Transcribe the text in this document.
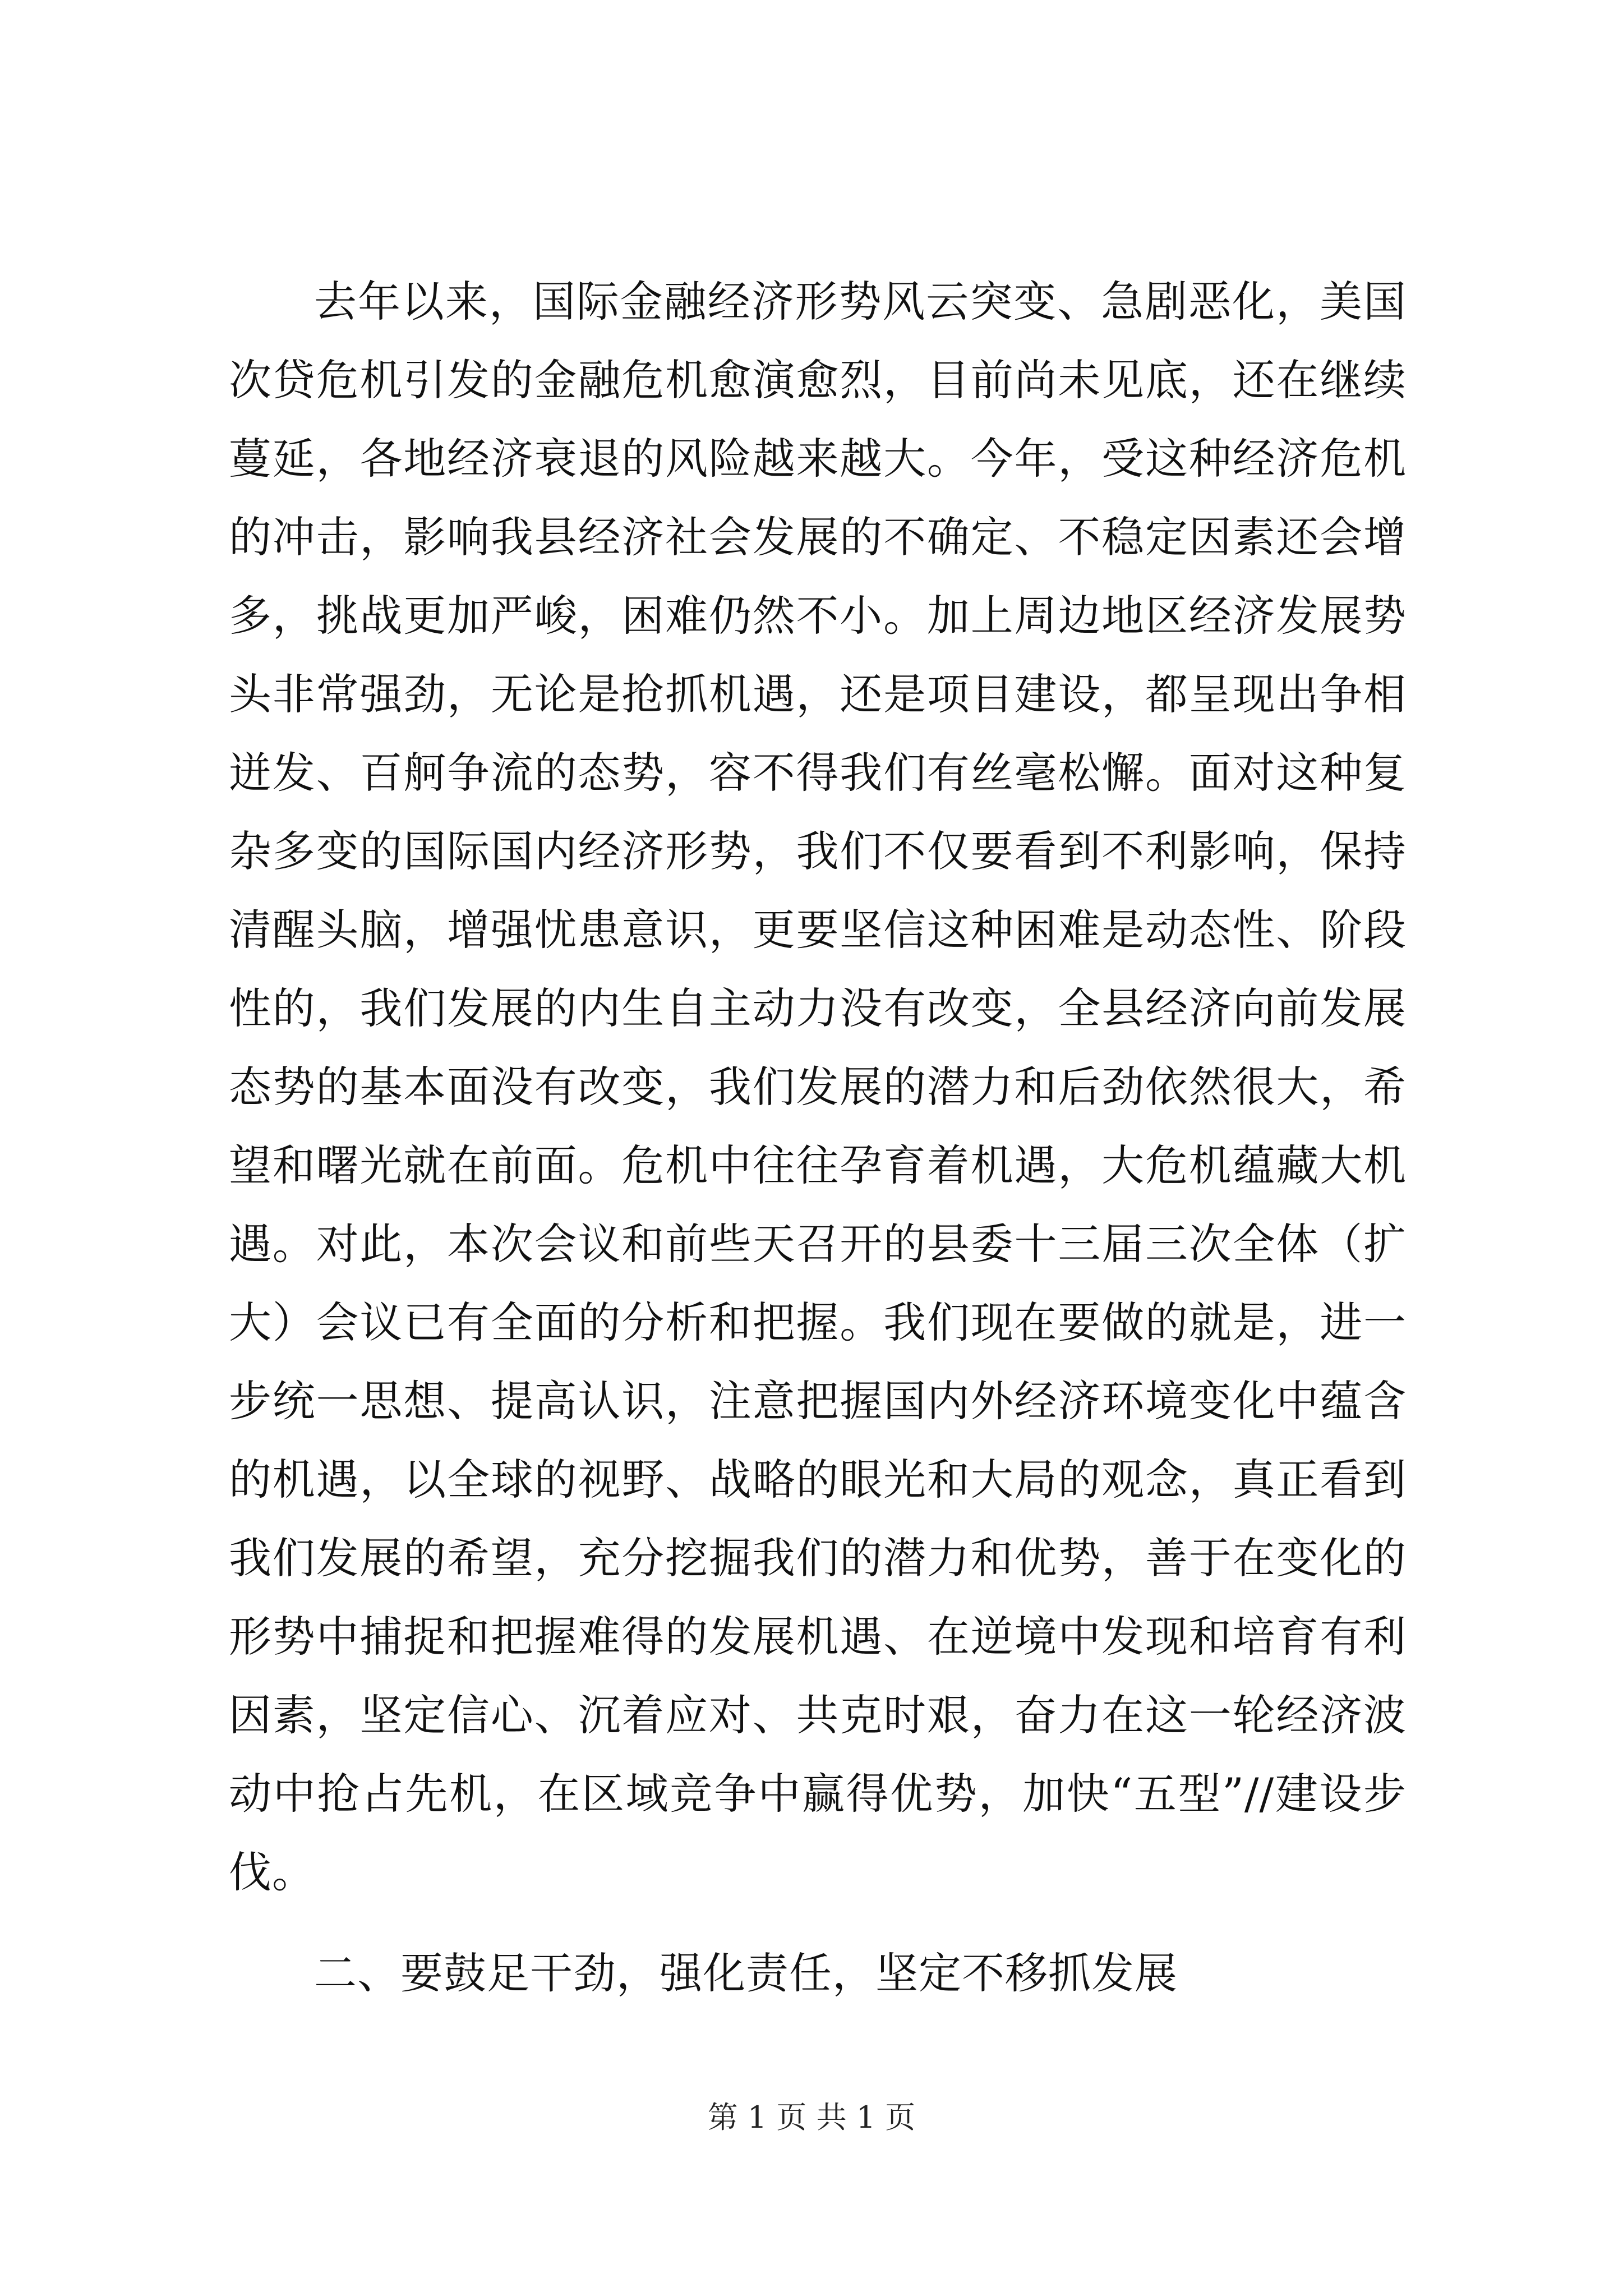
去年以来，国际金融经济形势风云突变、急剧恶化，美国次贷危机引发的金融危机愈演愈烈，目前尚未见底，还在继续蔓延，各地经济衰退的风险越来越大。今年，受这种经济危机的冲击，影响我县经济社会发展的不确定、不稳定因素还会增多，挑战更加严峻，困难仍然不小。加上周边地区经济发展势头非常强劲，无论是抢抓机遇，还是项目建设，都呈现出争相迸发、百舸争流的态势，容不得我们有丝毫松懈。面对这种复杂多变的国际国内经济形势，我们不仅要看到不利影响，保持清醒头脑，增强忧患意识，更要坚信这种困难是动态性、阶段性的，我们发展的内生自主动力没有改变，全县经济向前发展态势的基本面没有改变，我们发展的潜力和后劲依然很大，希望和曙光就在前面。危机中往往孕育着机遇，大危机蕴藏大机遇。对此，本次会议和前些天召开的县委十三届三次全体（扩大）会议已有全面的分析和把握。我们现在要做的就是，进一步统一思想、提高认识，注意把握国内外经济环境变化中蕴含的机遇，以全球的视野、战略的眼光和大局的观念，真正看到我们发展的希望，充分挖掘我们的潜力和优势，善于在变化的形势中捕捉和把握难得的发展机遇、在逆境中发现和培育有利因素，坚定信心、沉着应对、共克时艰，奋力在这一轮经济波动中抢占先机，在区域竞争中赢得优势，加快“五型”//建设步伐。

二、要鼓足干劲，强化责任，坚定不移抓发展

第 1 页 共 1 页
